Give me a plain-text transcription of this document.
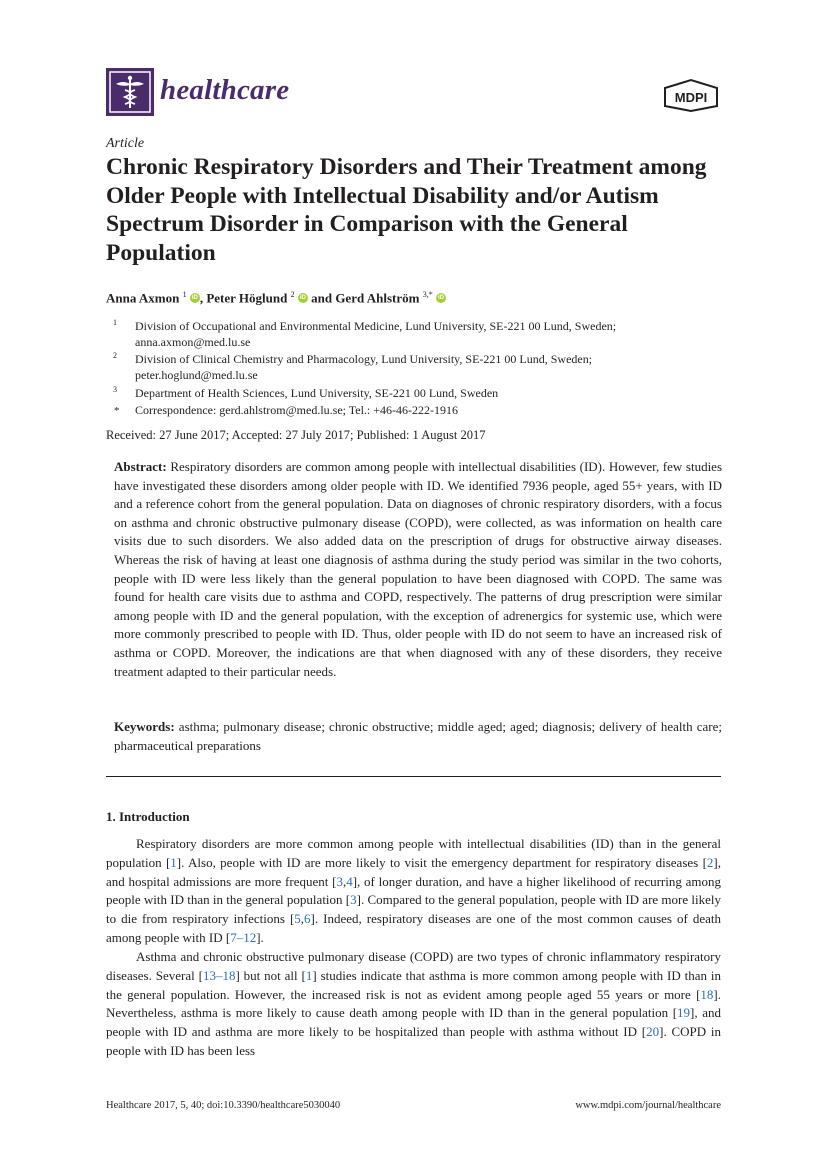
healthcare	MDPI
Article
Chronic Respiratory Disorders and Their Treatment among Older People with Intellectual Disability and/or Autism Spectrum Disorder in Comparison with the General Population
Anna Axmon $^1$ iD , Peter Höglund $^2$ iD and Gerd Ahlström $^{3,*}$ iD
1 Division of Occupational and Environmental Medicine, Lund University, SE-221 00 Lund, Sweden;
anna.axmon@med.lu.se
2 Division of Clinical Chemistry and Pharmacology, Lund University, SE-221 00 Lund, Sweden;
peter.hoglund@med.lu.se
3 Department of Health Sciences, Lund University, SE-221 00 Lund, Sweden
* Correspondence: gerd.ahlstrom@med.lu.se; Tel.: +46-46-222-1916
Received: 27 June 2017; Accepted: 27 July 2017; Published: 1 August 2017

Abstract: Respiratory disorders are common among people with intellectual disabilities (ID). However, few studies have investigated these disorders among older people with ID. We identified 7936 people, aged 55+ years, with ID and a reference cohort from the general population. Data on diagnoses of chronic respiratory disorders, with a focus on asthma and chronic obstructive pulmonary disease (COPD), were collected, as was information on health care visits due to such disorders. We also added data on the prescription of drugs for obstructive airway diseases. Whereas the risk of having at least one diagnosis of asthma during the study period was similar in the two cohorts, people with ID were less likely than the general population to have been diagnosed with COPD. The same was found for health care visits due to asthma and COPD, respectively. The patterns of drug prescription were similar among people with ID and the general population, with the exception of adrenergics for systemic use, which were more commonly prescribed to people with ID. Thus, older people with ID do not seem to have an increased risk of asthma or COPD. Moreover, the indications are that when diagnosed with any of these disorders, they receive treatment adapted to their particular needs.

Keywords: asthma; pulmonary disease; chronic obstructive; middle aged; aged; diagnosis; delivery of health care; pharmaceutical preparations

1. Introduction

Respiratory disorders are more common among people with intellectual disabilities (ID) than in the general population [1]. Also, people with ID are more likely to visit the emergency department for respiratory diseases [2], and hospital admissions are more frequent [3,4], of longer duration, and have a higher likelihood of recurring among people with ID than in the general population [3]. Compared to the general population, people with ID are more likely to die from respiratory infections [5,6]. Indeed, respiratory diseases are one of the most common causes of death among people with ID [7–12].

Asthma and chronic obstructive pulmonary disease (COPD) are two types of chronic inflammatory respiratory diseases. Several [13–18] but not all [1] studies indicate that asthma is more common among people with ID than in the general population. However, the increased risk is not as evident among people aged 55 years or more [18]. Nevertheless, asthma is more likely to cause death among people with ID than in the general population [19], and people with ID and asthma are more likely to be hospitalized than people with asthma without ID [20]. COPD in people with ID has been less

Healthcare 2017, 5, 40; doi:10.3390/healthcare5030040	www.mdpi.com/journal/healthcare
